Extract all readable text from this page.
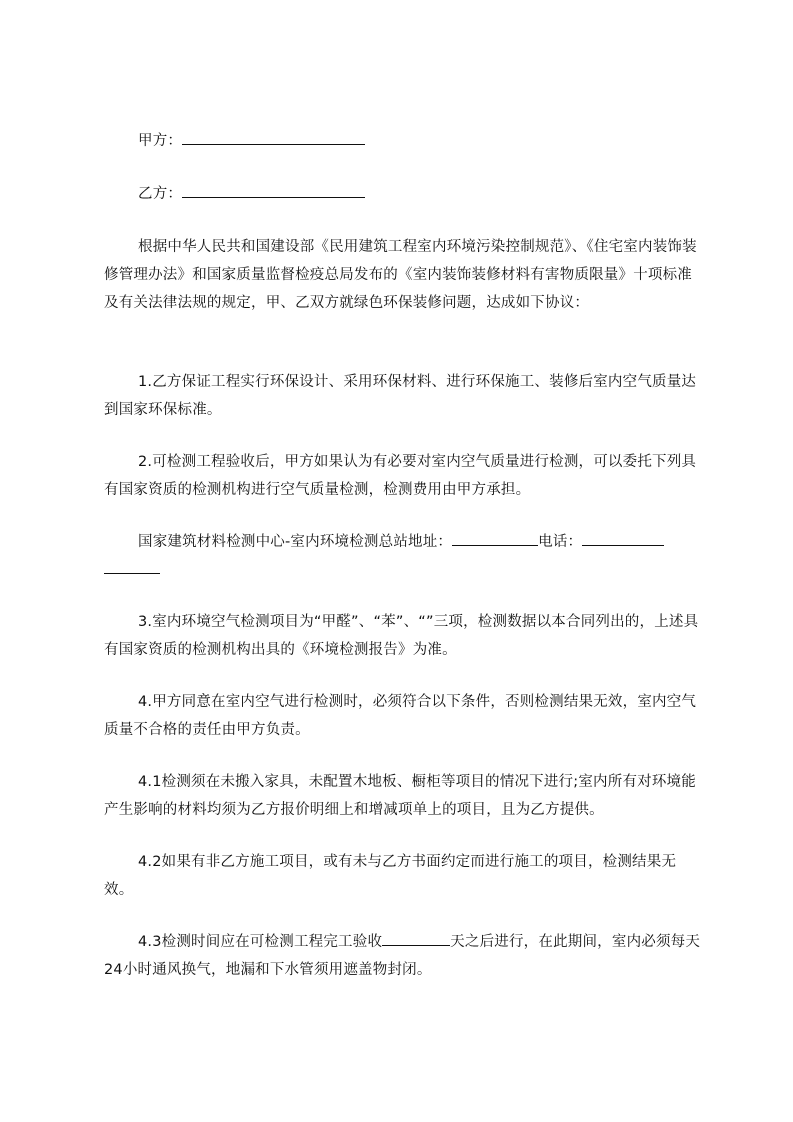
甲方：
乙方：
根据中华人民共和国建设部《民用建筑工程室内环境污染控制规范》、《住宅室内装饰装修管理办法》和国家质量监督检疫总局发布的《室内装饰装修材料有害物质限量》十项标准及有关法律法规的规定，甲、乙双方就绿色环保装修问题，达成如下协议：
1.乙方保证工程实行环保设计、采用环保材料、进行环保施工、装修后室内空气质量达到国家环保标准。
2.可检测工程验收后，甲方如果认为有必要对室内空气质量进行检测，可以委托下列具有国家资质的检测机构进行空气质量检测，检测费用由甲方承担。
国家建筑材料检测中心-室内环境检测总站地址：	电话：

3.室内环境空气检测项目为“甲醛”、“苯”、“”三项，检测数据以本合同列出的，上述具有国家资质的检测机构出具的《环境检测报告》为准。
4.甲方同意在室内空气进行检测时，必须符合以下条件，否则检测结果无效，室内空气质量不合格的责任由甲方负责。
4.1检测须在未搬入家具，未配置木地板、橱柜等项目的情况下进行;室内所有对环境能产生影响的材料均须为乙方报价明细上和增减项单上的项目，且为乙方提供。
4.2如果有非乙方施工项目，或有未与乙方书面约定而进行施工的项目，检测结果无效。
4.3检测时间应在可检测工程完工验收	天之后进行，在此期间，室内必须每天24小时通风换气，地漏和下水管须用遮盖物封闭。
